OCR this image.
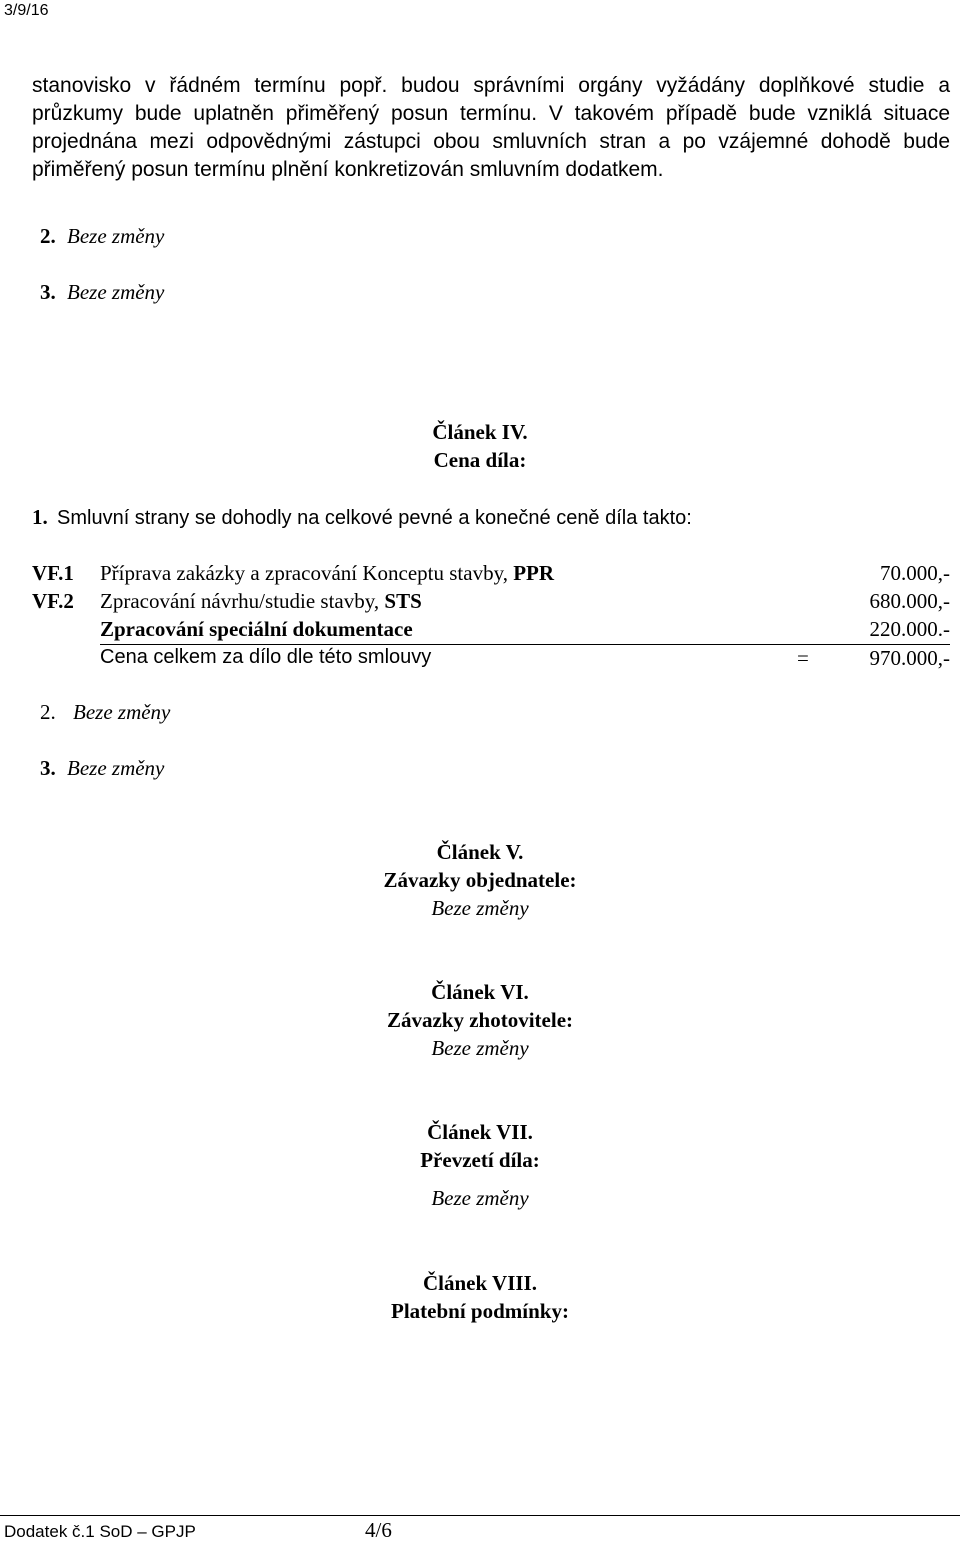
3/9/16
stanovisko v řádném termínu popř. budou správními orgány vyžádány doplňkové studie a
průzkumy bude uplatněn přiměřený posun termínu. V takovém případě bude vzniklá situace
projednána mezi odpovědnými zástupci obou smluvních stran a po vzájemné dohodě bude
přiměřený posun termínu plnění konkretizován smluvním dodatkem.
2. Beze změny
3. Beze změny
Článek IV.
Cena díla:
1. Smluvní strany se dohodly na celkové pevné a konečné ceně díla takto:
VF.1 Příprava zakázky a zpracování Konceptu stavby, PPR	70.000,-
VF.2 Zpracování návrhu/studie stavby, STS	680.000,-
Zpracování speciální dokumentace	220.000.-
Cena celkem za dílo dle této smlouvy	=	970.000,-
2. Beze změny
3. Beze změny
Článek V.
Závazky objednatele:
Beze změny
Článek VI.
Závazky zhotovitele:
Beze změny
Článek VII.
Převzetí díla:
Beze změny
Článek VIII.
Platební podmínky:
Dodatek č.1 SoD – GPJP	4/6
